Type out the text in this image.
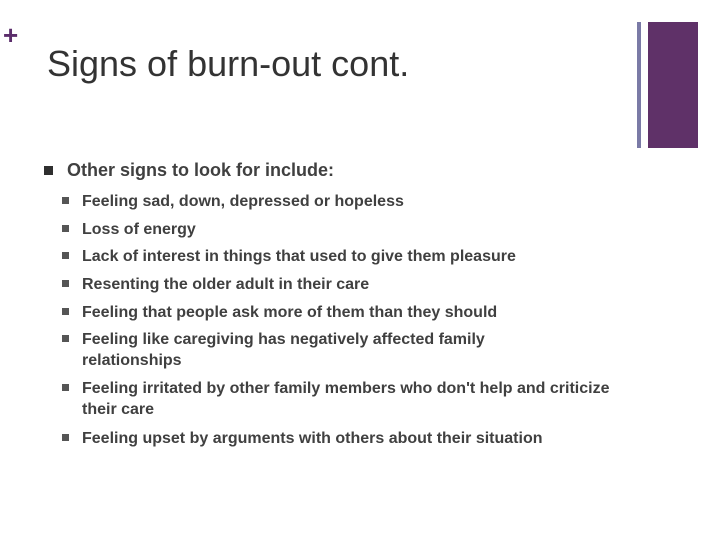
+
Signs of burn-out cont.
Other signs to look for include:
Feeling sad, down, depressed or hopeless
Loss of energy
Lack of interest in things that used to give them pleasure
Resenting the older adult in their care
Feeling that people ask more of them than they should
Feeling like caregiving has negatively affected family relationships
Feeling irritated by other family members who don't help and criticize their care
Feeling upset by arguments with others about their situation
